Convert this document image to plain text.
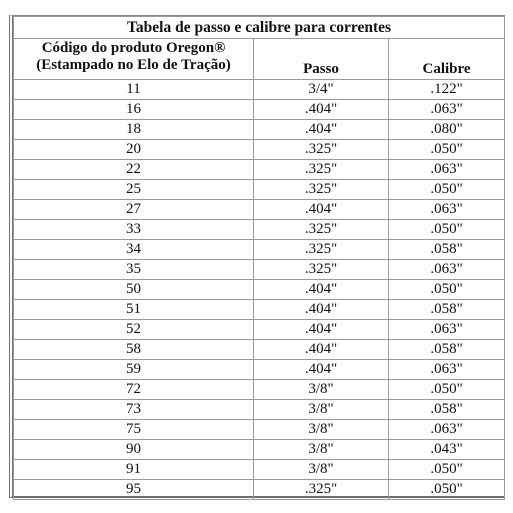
Tabela de passo e calibre para correntes		
Código do produto Oregon®
(Estampado no Elo de Tração)	Passo	Calibre
11	3/4"	.122"
16	.404"	.063"
18	.404"	.080"
20	.325"	.050"
22	.325"	.063"
25	.325"	.050"
27	.404"	.063"
33	.325"	.050"
34	.325"	.058"
35	.325"	.063"
50	.404"	.050"
51	.404"	.058"
52	.404"	.063"
58	.404"	.058"
59	.404"	.063"
72	3/8"	.050"
73	3/8"	.058"
75	3/8"	.063"
90	3/8"	.043"
91	3/8"	.050"
95	.325"	.050"
